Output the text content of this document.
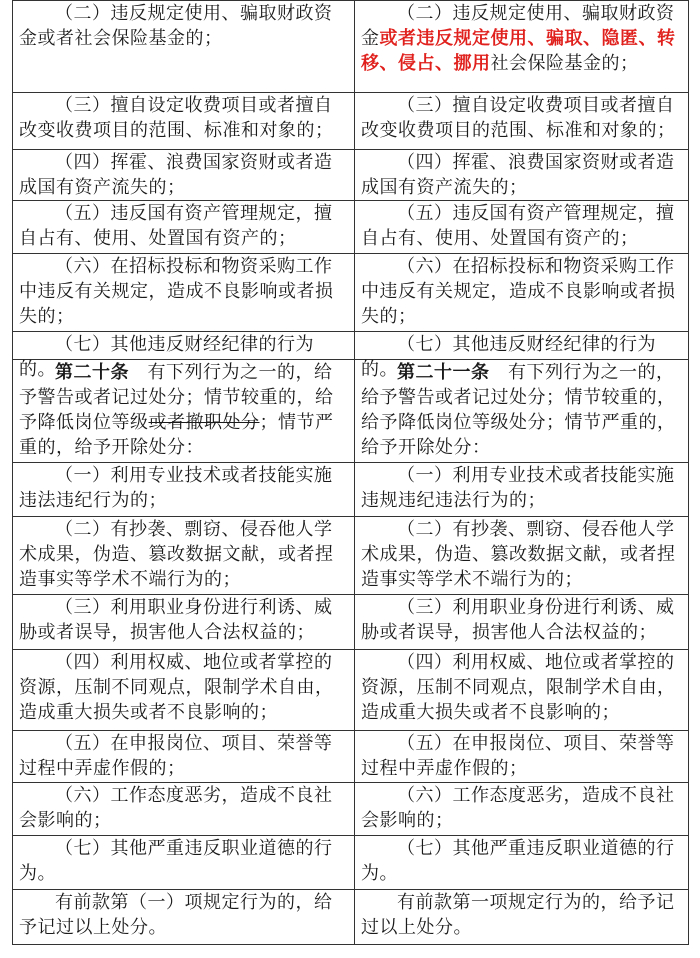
（二）违反规定使用、骗取财政资金或者社会保险基金的；	（二）违反规定使用、骗取财政资金或者违反规定使用、骗取、隐匿、转移、侵占、挪用社会保险基金的；

（三）擅自设定收费项目或者擅自改变收费项目的范围、标准和对象的；	（三）擅自设定收费项目或者擅自改变收费项目的范围、标准和对象的；

（四）挥霍、浪费国家资财或者造成国有资产流失的；	（四）挥霍、浪费国家资财或者造成国有资产流失的；

（五）违反国有资产管理规定，擅自占有、使用、处置国有资产的；	（五）违反国有资产管理规定，擅自占有、使用、处置国有资产的；

（六）在招标投标和物资采购工作中违反有关规定，造成不良影响或者损失的；	（六）在招标投标和物资采购工作中违反有关规定，造成不良影响或者损失的；

（七）其他违反财经纪律的行为的。	（七）其他违反财经纪律的行为的。

第二十条　有下列行为之一的，给予警告或者记过处分；情节较重的，给予降低岗位等级或者撤职处分；情节严重的，给予开除处分：	第二十一条　有下列行为之一的，给予警告或者记过处分；情节较重的，给予降低岗位等级处分；情节严重的，给予开除处分：

（一）利用专业技术或者技能实施违法违纪行为的；	（一）利用专业技术或者技能实施违规违纪违法行为的；

（二）有抄袭、剽窃、侵吞他人学术成果，伪造、篡改数据文献，或者捏造事实等学术不端行为的；	（二）有抄袭、剽窃、侵吞他人学术成果，伪造、篡改数据文献，或者捏造事实等学术不端行为的；

（三）利用职业身份进行利诱、威胁或者误导，损害他人合法权益的；	（三）利用职业身份进行利诱、威胁或者误导，损害他人合法权益的；

（四）利用权威、地位或者掌控的资源，压制不同观点，限制学术自由，造成重大损失或者不良影响的；	（四）利用权威、地位或者掌控的资源，压制不同观点，限制学术自由，造成重大损失或者不良影响的；

（五）在申报岗位、项目、荣誉等过程中弄虚作假的；	（五）在申报岗位、项目、荣誉等过程中弄虚作假的；

（六）工作态度恶劣，造成不良社会影响的；	（六）工作态度恶劣，造成不良社会影响的；

（七）其他严重违反职业道德的行为。	（七）其他严重违反职业道德的行为。

有前款第（一）项规定行为的，给予记过以上处分。	有前款第一项规定行为的，给予记过以上处分。
